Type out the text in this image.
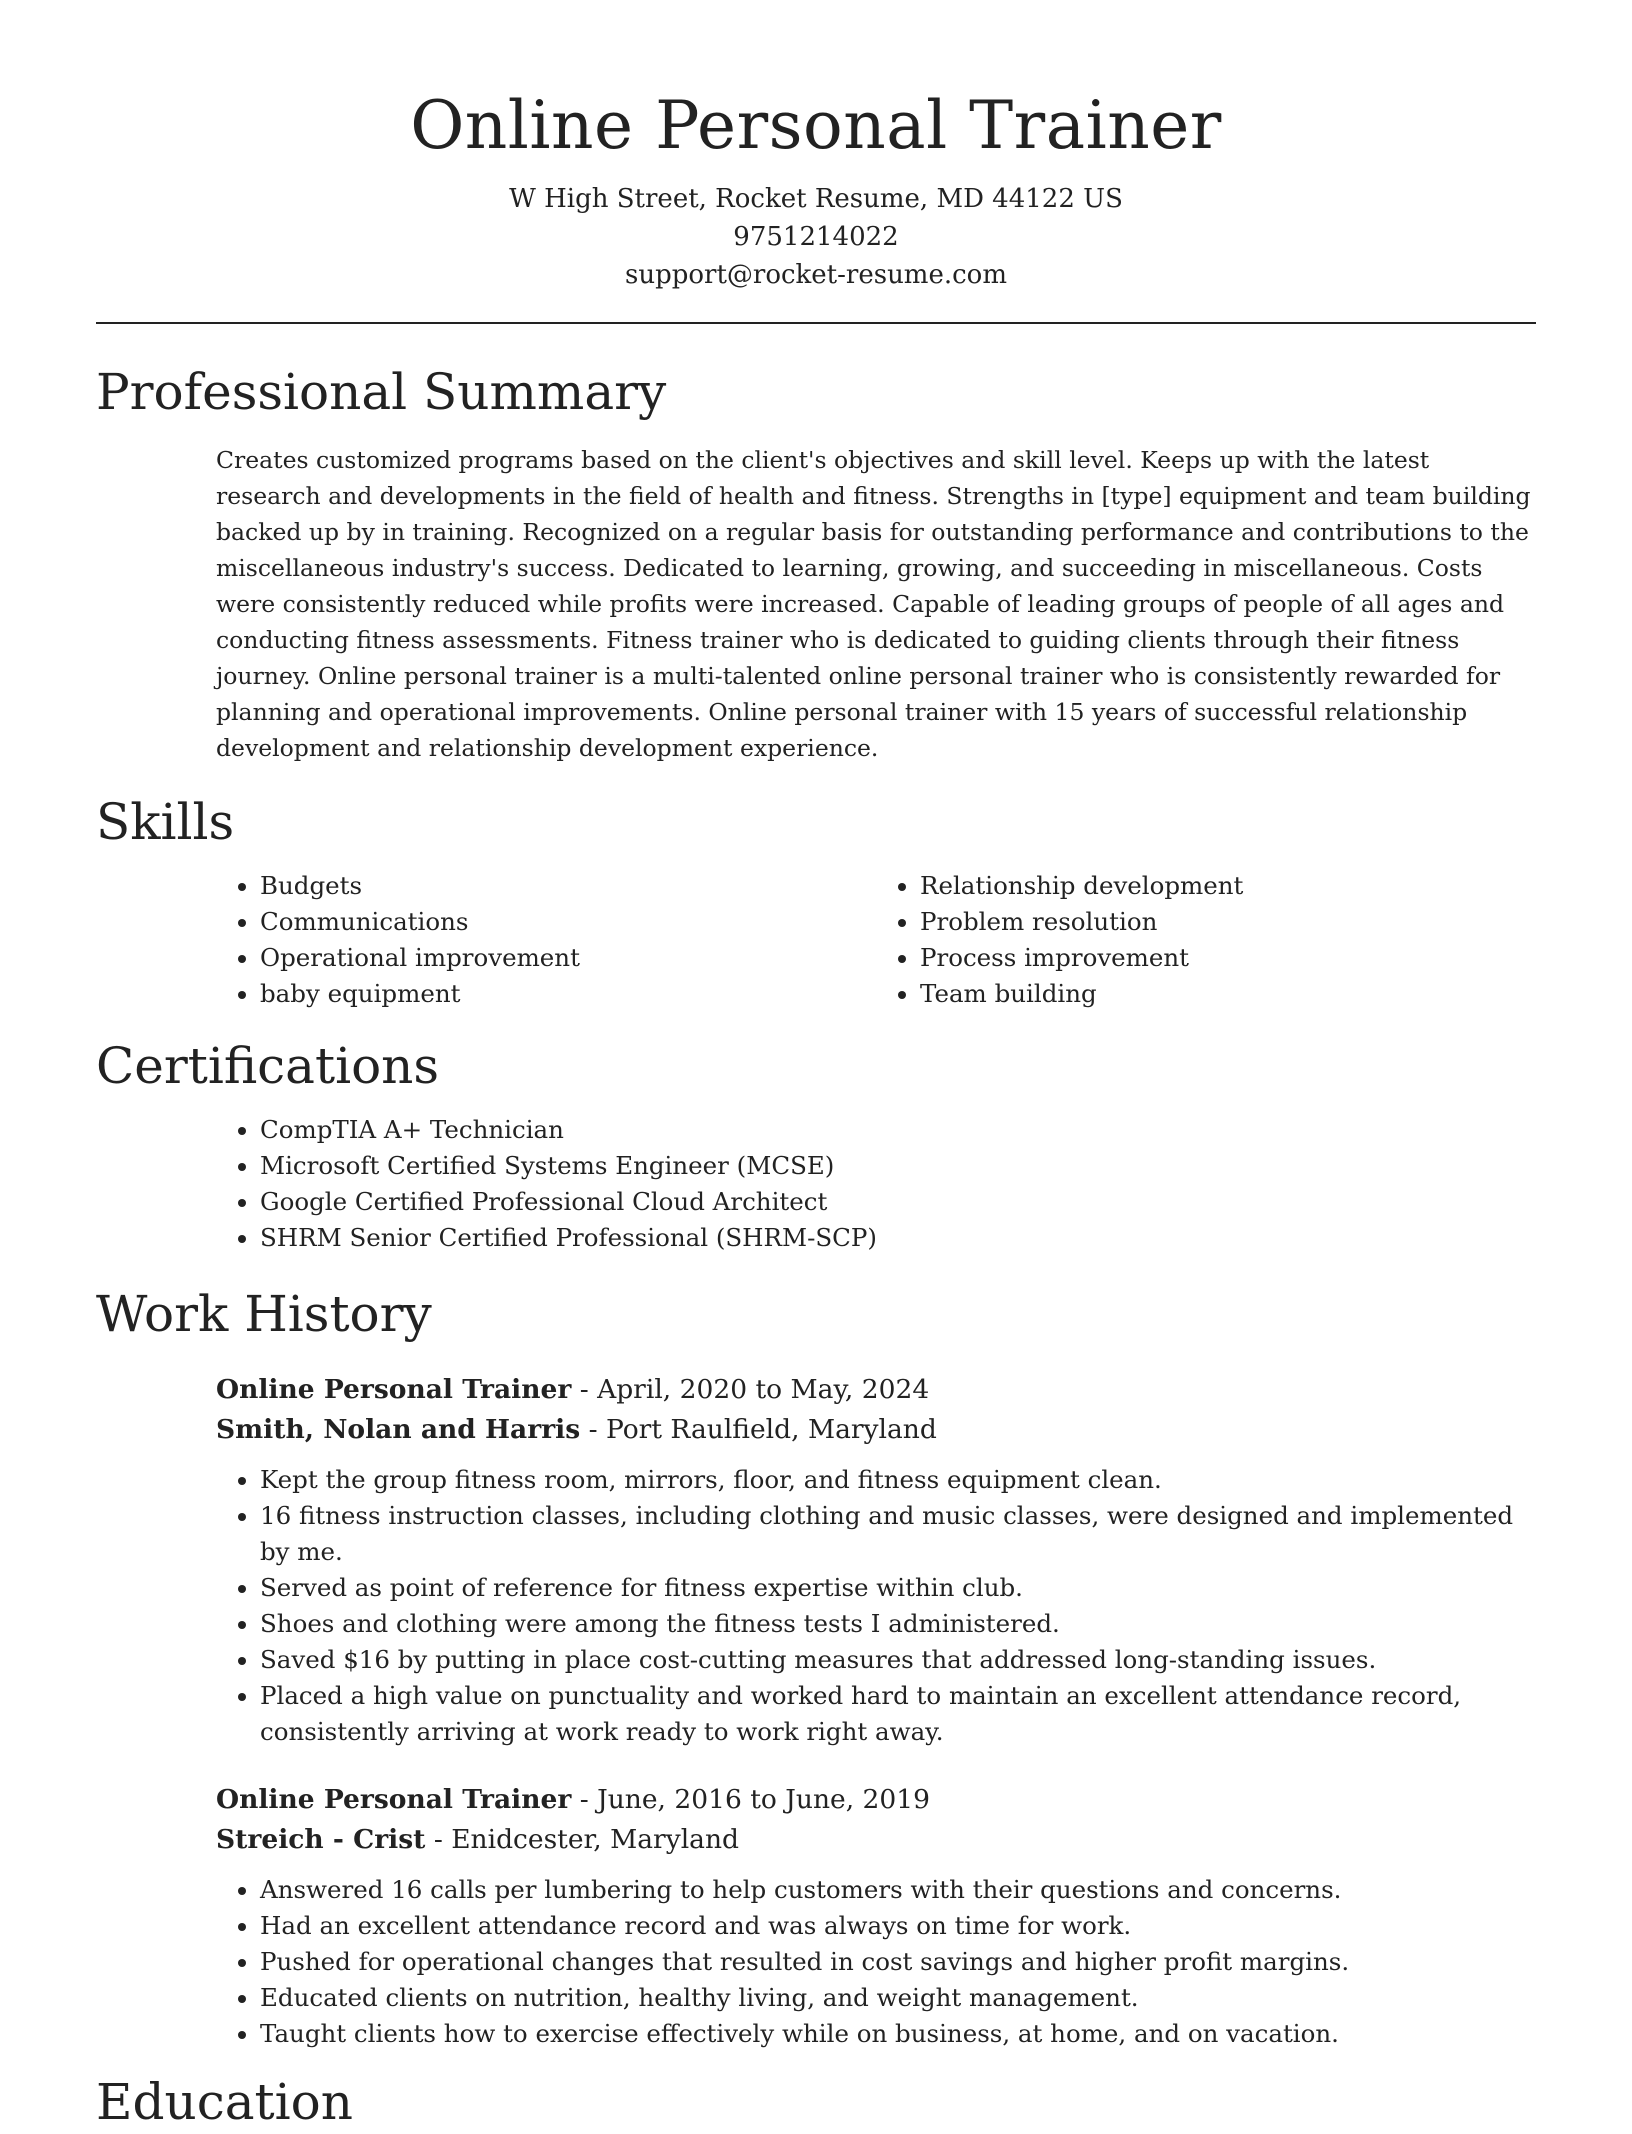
Online Personal Trainer

W High Street, Rocket Resume, MD 44122 US

9751214022

support@rocket-resume.com

Professional Summary

Creates customized programs based on the client's objectives and skill level. Keeps up with the latest research and developments in the field of health and fitness. Strengths in [type] equipment and team building backed up by in training. Recognized on a regular basis for outstanding performance and contributions to the miscellaneous industry's success. Dedicated to learning, growing, and succeeding in miscellaneous. Costs were consistently reduced while profits were increased. Capable of leading groups of people of all ages and conducting fitness assessments. Fitness trainer who is dedicated to guiding clients through their fitness journey. Online personal trainer is a multi-talented online personal trainer who is consistently rewarded for planning and operational improvements. Online personal trainer with 15 years of successful relationship development and relationship development experience.

Skills
• Budgets
• Communications
• Operational improvement
• baby equipment
• Relationship development
• Problem resolution
• Process improvement
• Team building
Certifications
• CompTIA A+ Technician
• Microsoft Certified Systems Engineer (MCSE)
• Google Certified Professional Cloud Architect
• SHRM Senior Certified Professional (SHRM-SCP)
Work History

Online Personal Trainer - April, 2020 to May, 2024

Smith, Nolan and Harris - Port Raulfield, Maryland

• Kept the group fitness room, mirrors, floor, and fitness equipment clean.
• 16 fitness instruction classes, including clothing and music classes, were designed and implemented by me.
• Served as point of reference for fitness expertise within club.
• Shoes and clothing were among the fitness tests I administered.
• Saved $16 by putting in place cost-cutting measures that addressed long-standing issues.
• Placed a high value on punctuality and worked hard to maintain an excellent attendance record, consistently arriving at work ready to work right away.

Online Personal Trainer - June, 2016 to June, 2019

Streich - Crist - Enidcester, Maryland

• Answered 16 calls per lumbering to help customers with their questions and concerns.
• Had an excellent attendance record and was always on time for work.
• Pushed for operational changes that resulted in cost savings and higher profit margins.
• Educated clients on nutrition, healthy living, and weight management.
• Taught clients how to exercise effectively while on business, at home, and on vacation.
Education
